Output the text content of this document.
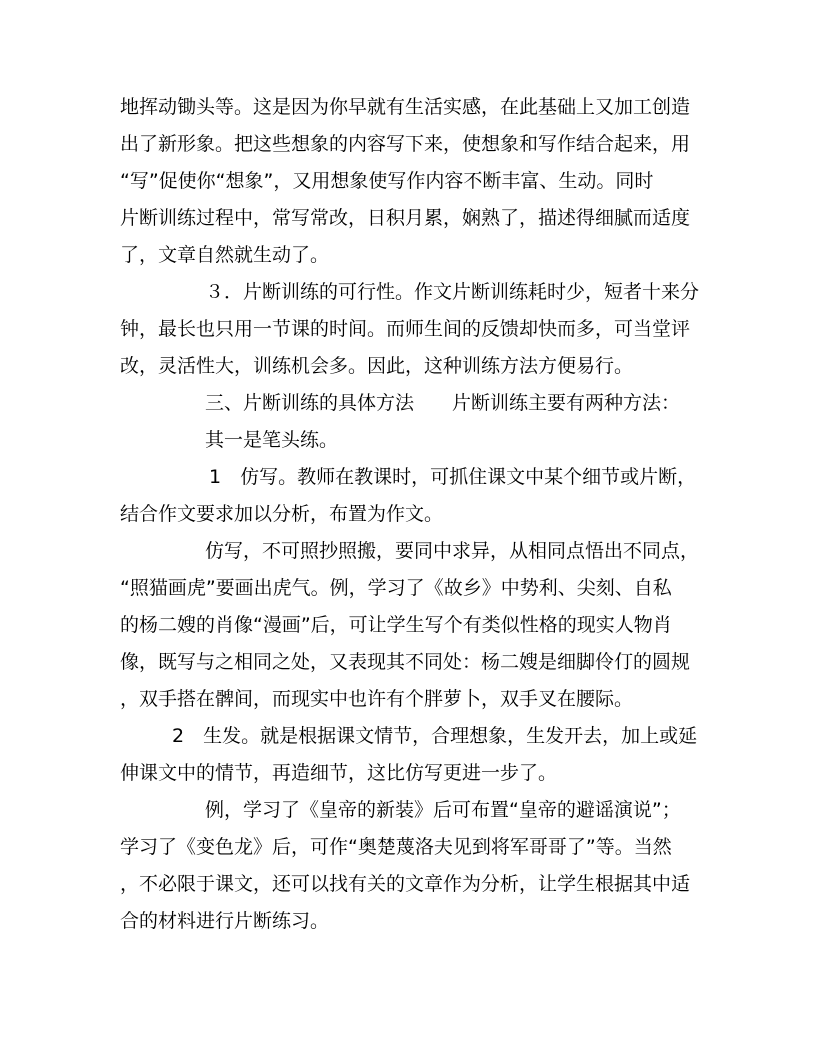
地挥动锄头等。这是因为你早就有生活实感，在此基础上又加工创造
出了新形象。把这些想象的内容写下来，使想象和写作结合起来，用
“写”促使你“想象”，又用想象使写作内容不断丰富、生动。同时
片断训练过程中，常写常改，日积月累，娴熟了，描述得细腻而适度
了，文章自然就生动了。
３．片断训练的可行性。作文片断训练耗时少，短者十来分
钟，最长也只用一节课的时间。而师生间的反馈却快而多，可当堂评
改，灵活性大，训练机会多。因此，这种训练方法方便易行。
三、片断训练的具体方法　　片断训练主要有两种方法：
其一是笔头练。
1　仿写。教师在教课时，可抓住课文中某个细节或片断，
结合作文要求加以分析，布置为作文。
仿写，不可照抄照搬，要同中求异，从相同点悟出不同点，
“照猫画虎”要画出虎气。例，学习了《故乡》中势利、尖刻、自私
的杨二嫂的肖像“漫画”后，可让学生写个有类似性格的现实人物肖
像，既写与之相同之处，又表现其不同处：杨二嫂是细脚伶仃的圆规
，双手搭在髀间，而现实中也许有个胖萝卜，双手叉在腰际。
2　生发。就是根据课文情节，合理想象，生发开去，加上或延
伸课文中的情节，再造细节，这比仿写更进一步了。
例，学习了《皇帝的新装》后可布置“皇帝的避谣演说”；
学习了《变色龙》后，可作“奥楚蔑洛夫见到将军哥哥了”等。当然
，不必限于课文，还可以找有关的文章作为分析，让学生根据其中适
合的材料进行片断练习。
